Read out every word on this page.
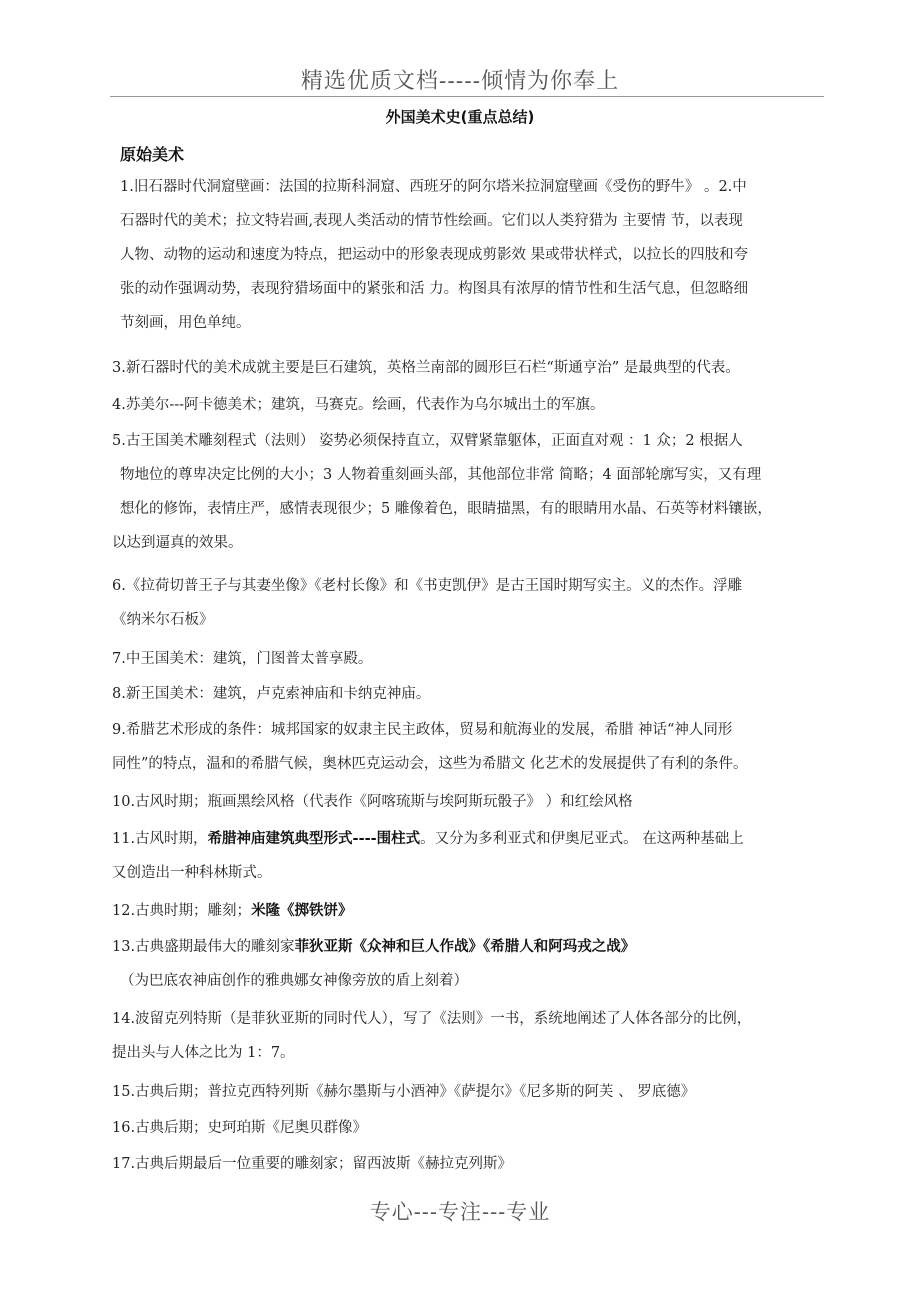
精选优质文档-----倾情为你奉上
外国美术史(重点总结)
原始美术
1.旧石器时代洞窟壁画：法国的拉斯科洞窟、西班牙的阿尔塔米拉洞窟壁画《受伤的野牛》 。2.中
石器时代的美术；拉文特岩画,表现人类活动的情节性绘画。它们以人类狩猎为 主要情 节，以表现
人物、动物的运动和速度为特点，把运动中的形象表现成剪影效 果或带状样式，以拉长的四肢和夸
张的动作强调动势，表现狩猎场面中的紧张和活 力。构图具有浓厚的情节性和生活气息，但忽略细
节刻画，用色单纯。
3.新石器时代的美术成就主要是巨石建筑，英格兰南部的圆形巨石栏“斯通亨治” 是最典型的代表。
4.苏美尔---阿卡德美术；建筑，马赛克。绘画，代表作为乌尔城出土的军旗。
5.古王国美术雕刻程式（法则） 姿势必须保持直立，双臂紧靠躯体，正面直对观 ：1 众；2 根据人
物地位的尊卑决定比例的大小；3 人物着重刻画头部，其他部位非常 简略；4 面部轮廓写实，又有理
想化的修饰，表情庄严，感情表现很少；5 雕像着色，眼睛描黑，有的眼睛用水晶、石英等材料镶嵌，
以达到逼真的效果。
6.《拉荷切普王子与其妻坐像》《老村长像》和《书吏凯伊》是古王国时期写实主。义的杰作。浮雕
《纳米尔石板》
7.中王国美术：建筑，门图普太普享殿。
8.新王国美术：建筑，卢克索神庙和卡纳克神庙。
9.希腊艺术形成的条件：城邦国家的奴隶主民主政体，贸易和航海业的发展，希腊 神话“神人同形
同性”的特点，温和的希腊气候，奥林匹克运动会，这些为希腊文 化艺术的发展提供了有利的条件。
10.古风时期；瓶画黑绘风格（代表作《阿喀琉斯与埃阿斯玩骰子》 ）和红绘风格
11.古风时期，希腊神庙建筑典型形式----围柱式。又分为多利亚式和伊奥尼亚式。 在这两种基础上
又创造出一种科林斯式。
12.古典时期；雕刻；米隆《掷铁饼》
13.古典盛期最伟大的雕刻家菲狄亚斯《众神和巨人作战》《希腊人和阿玛戎之战》
（为巴底农神庙创作的雅典娜女神像旁放的盾上刻着）
14.波留克列特斯（是菲狄亚斯的同时代人），写了《法则》一书，系统地阐述了人体各部分的比例，
提出头与人体之比为 1：7。
15.古典后期；普拉克西特列斯《赫尔墨斯与小酒神》《萨提尔》《尼多斯的阿芙 、 罗底德》
16.古典后期；史珂珀斯《尼奥贝群像》
17.古典后期最后一位重要的雕刻家；留西波斯《赫拉克列斯》
专心---专注---专业
